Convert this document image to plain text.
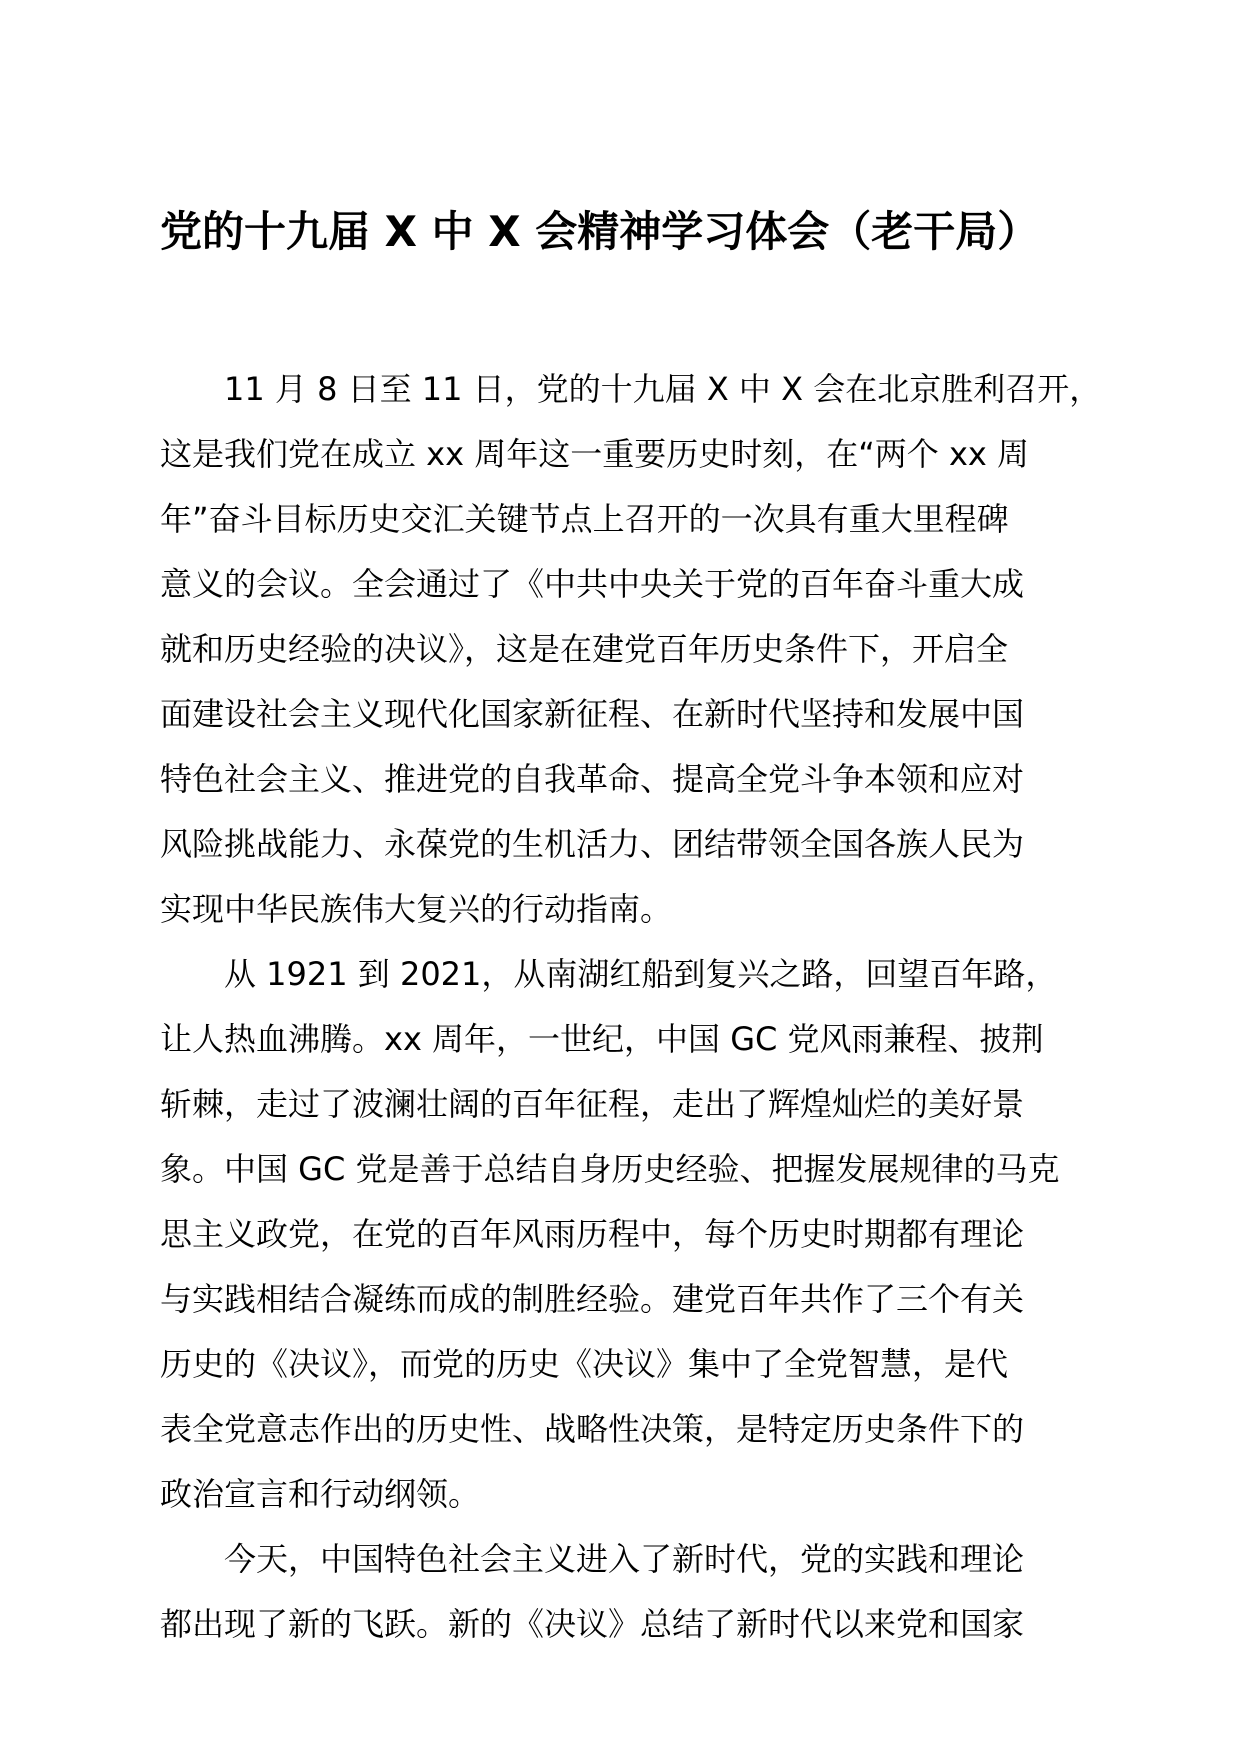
党的十九届 X 中 X 会精神学习体会（老干局）
11 月 8 日至 11 日，党的十九届 X 中 X 会在北京胜利召开，
这是我们党在成立 xx 周年这一重要历史时刻，在“两个 xx 周
年”奋斗目标历史交汇关键节点上召开的一次具有重大里程碑
意义的会议。全会通过了《中共中央关于党的百年奋斗重大成
就和历史经验的决议》，这是在建党百年历史条件下，开启全
面建设社会主义现代化国家新征程、在新时代坚持和发展中国
特色社会主义、推进党的自我革命、提高全党斗争本领和应对
风险挑战能力、永葆党的生机活力、团结带领全国各族人民为
实现中华民族伟大复兴的行动指南。
从 1921 到 2021，从南湖红船到复兴之路，回望百年路，
让人热血沸腾。xx 周年，一世纪，中国 GC 党风雨兼程、披荆
斩棘，走过了波澜壮阔的百年征程，走出了辉煌灿烂的美好景
象。中国 GC 党是善于总结自身历史经验、把握发展规律的马克
思主义政党，在党的百年风雨历程中，每个历史时期都有理论
与实践相结合凝练而成的制胜经验。建党百年共作了三个有关
历史的《决议》，而党的历史《决议》集中了全党智慧，是代
表全党意志作出的历史性、战略性决策，是特定历史条件下的
政治宣言和行动纲领。
今天，中国特色社会主义进入了新时代，党的实践和理论
都出现了新的飞跃。新的《决议》总结了新时代以来党和国家
